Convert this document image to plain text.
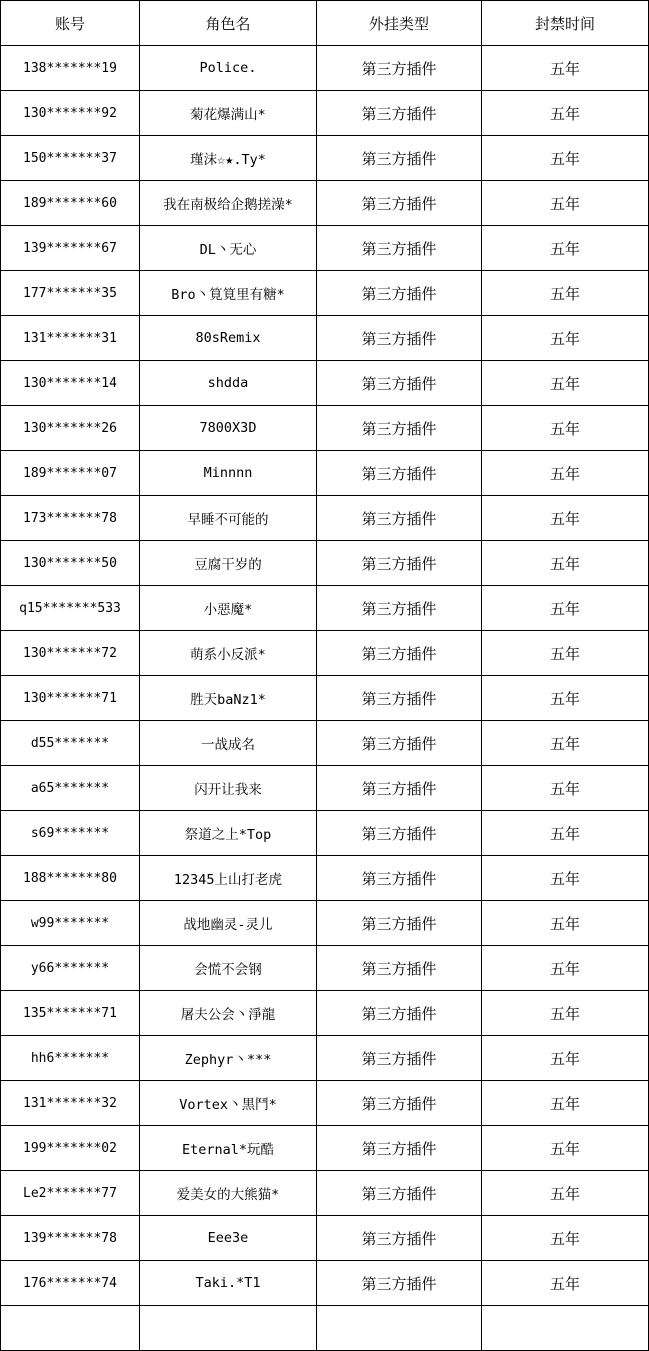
账号	角色名	外挂类型	封禁时间
138*******19	Police.	第三方插件	五年
130*******92	菊花爆满山*	第三方插件	五年
150*******37	瑾沫☆★.Ty*	第三方插件	五年
189*******60	我在南极给企鹅搓澡*	第三方插件	五年
139*******67	DL丶无心	第三方插件	五年
177*******35	Bro丶筧筧里有糖*	第三方插件	五年
131*******31	80sRemix	第三方插件	五年
130*******14	shdda	第三方插件	五年
130*******26	7800X3D	第三方插件	五年
189*******07	Minnnn	第三方插件	五年
173*******78	早睡不可能的	第三方插件	五年
130*******50	豆腐干岁的	第三方插件	五年
q15*******533	小惡魔*	第三方插件	五年
130*******72	萌系小反派*	第三方插件	五年
130*******71	胜天baNz1*	第三方插件	五年
d55*******	一战成名	第三方插件	五年
a65*******	闪开让我来	第三方插件	五年
s69*******	祭道之上*Top	第三方插件	五年
188*******80	12345上山打老虎	第三方插件	五年
w99*******	战地幽灵-灵儿	第三方插件	五年
y66*******	会慌不会钢	第三方插件	五年
135*******71	屠夫公会丶淨龍	第三方插件	五年
hh6*******	Zephyr丶***	第三方插件	五年
131*******32	Vortex丶黒鬥*	第三方插件	五年
199*******02	Eternal*玩酷	第三方插件	五年
Le2*******77	爱美女的大熊猫*	第三方插件	五年
139*******78	Eee3e	第三方插件	五年
176*******74	Taki.*T1	第三方插件	五年
